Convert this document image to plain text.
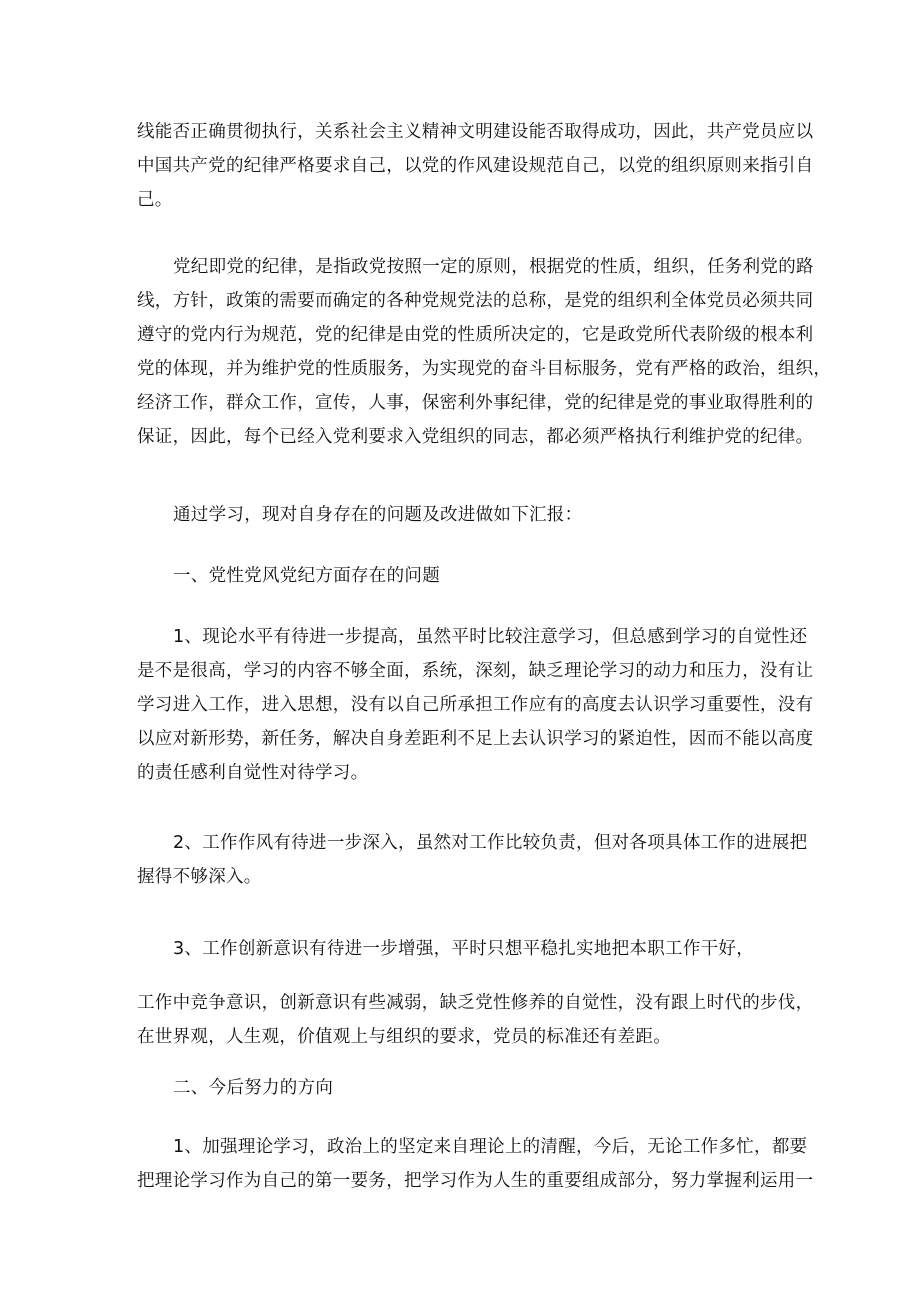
线能否正确贯彻执行，关系社会主义精神文明建设能否取得成功，因此，共产党员应以
中国共产党的纪律严格要求自己，以党的作风建设规范自己，以党的组织原则来指引自
己。

党纪即党的纪律，是指政党按照一定的原则，根据党的性质，组织，任务利党的路
线，方针，政策的需要而确定的各种党规党法的总称，是党的组织利全体党员必须共同
遵守的党内行为规范，党的纪律是由党的性质所决定的，它是政党所代表阶级的根本利
党的体现，并为维护党的性质服务，为实现党的奋斗目标服务，党有严格的政治，组织，
经济工作，群众工作，宣传，人事，保密利外事纪律，党的纪律是党的事业取得胜利的
保证，因此，每个已经入党利要求入党组织的同志，都必须严格执行利维护党的纪律。

通过学习，现对自身存在的问题及改进做如下汇报：

一、党性党风党纪方面存在的问题

1、现论水平有待进一步提高，虽然平时比较注意学习，但总感到学习的自觉性还
是不是很高，学习的内容不够全面，系统，深刻，缺乏理论学习的动力和压力，没有让
学习进入工作，进入思想，没有以自己所承担工作应有的高度去认识学习重要性，没有
以应对新形势，新任务，解决自身差距利不足上去认识学习的紧迫性，因而不能以高度
的责任感利自觉性对待学习。

2、工作作风有待进一步深入，虽然对工作比较负责，但对各项具体工作的进展把
握得不够深入。

3、工作创新意识有待进一步增强，平时只想平稳扎实地把本职工作干好，

工作中竞争意识，创新意识有些减弱，缺乏党性修养的自觉性，没有跟上时代的步伐，
在世界观，人生观，价值观上与组织的要求，党员的标准还有差距。

二、今后努力的方向

1、加强理论学习，政治上的坚定来自理论上的清醒，今后，无论工作多忙，都要
把理论学习作为自己的第一要务，把学习作为人生的重要组成部分，努力掌握利运用一
